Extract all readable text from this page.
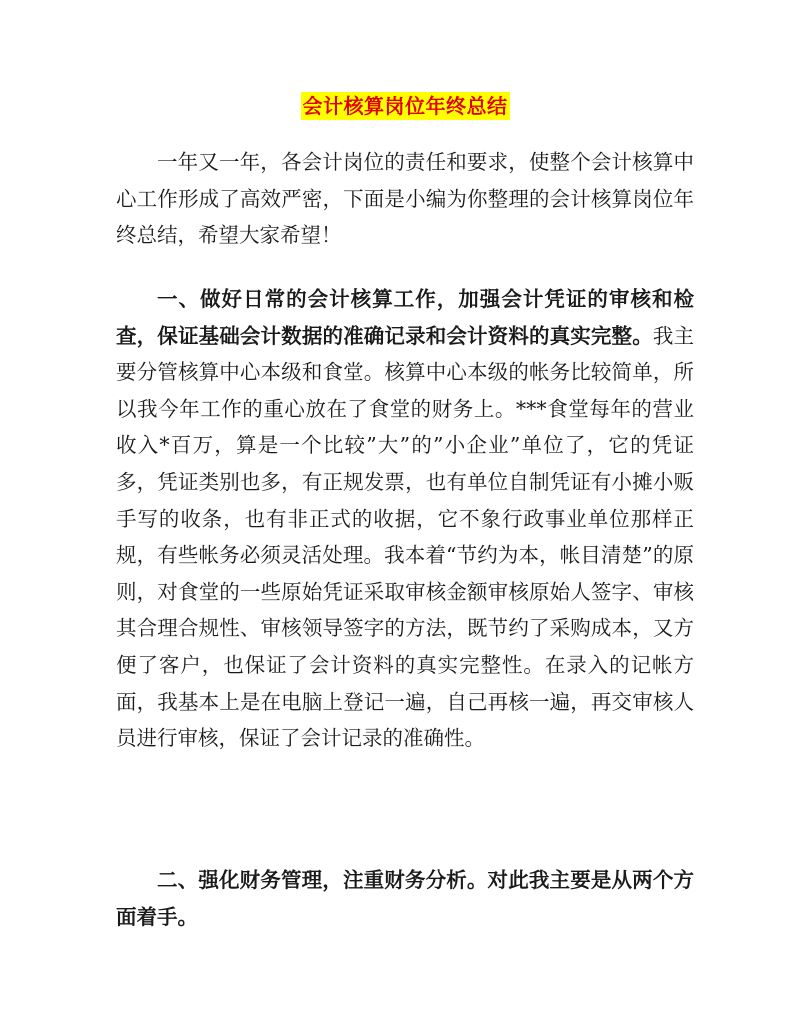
会计核算岗位年终总结

一年又一年，各会计岗位的责任和要求，使整个会计核算中心工作形成了高效严密，下面是小编为你整理的会计核算岗位年终总结，希望大家希望！

一、做好日常的会计核算工作，加强会计凭证的审核和检查，保证基础会计数据的准确记录和会计资料的真实完整。我主要分管核算中心本级和食堂。核算中心本级的帐务比较简单，所以我今年工作的重心放在了食堂的财务上。***食堂每年的营业收入*百万，算是一个比较”大”的”小企业”单位了，它的凭证多，凭证类别也多，有正规发票，也有单位自制凭证有小摊小贩手写的收条，也有非正式的收据，它不象行政事业单位那样正规，有些帐务必须灵活处理。我本着“节约为本，帐目清楚”的原则，对食堂的一些原始凭证采取审核金额审核原始人签字、审核其合理合规性、审核领导签字的方法，既节约了采购成本，又方便了客户，也保证了会计资料的真实完整性。在录入的记帐方面，我基本上是在电脑上登记一遍，自己再核一遍，再交审核人员进行审核，保证了会计记录的准确性。

二、强化财务管理，注重财务分析。对此我主要是从两个方面着手。
